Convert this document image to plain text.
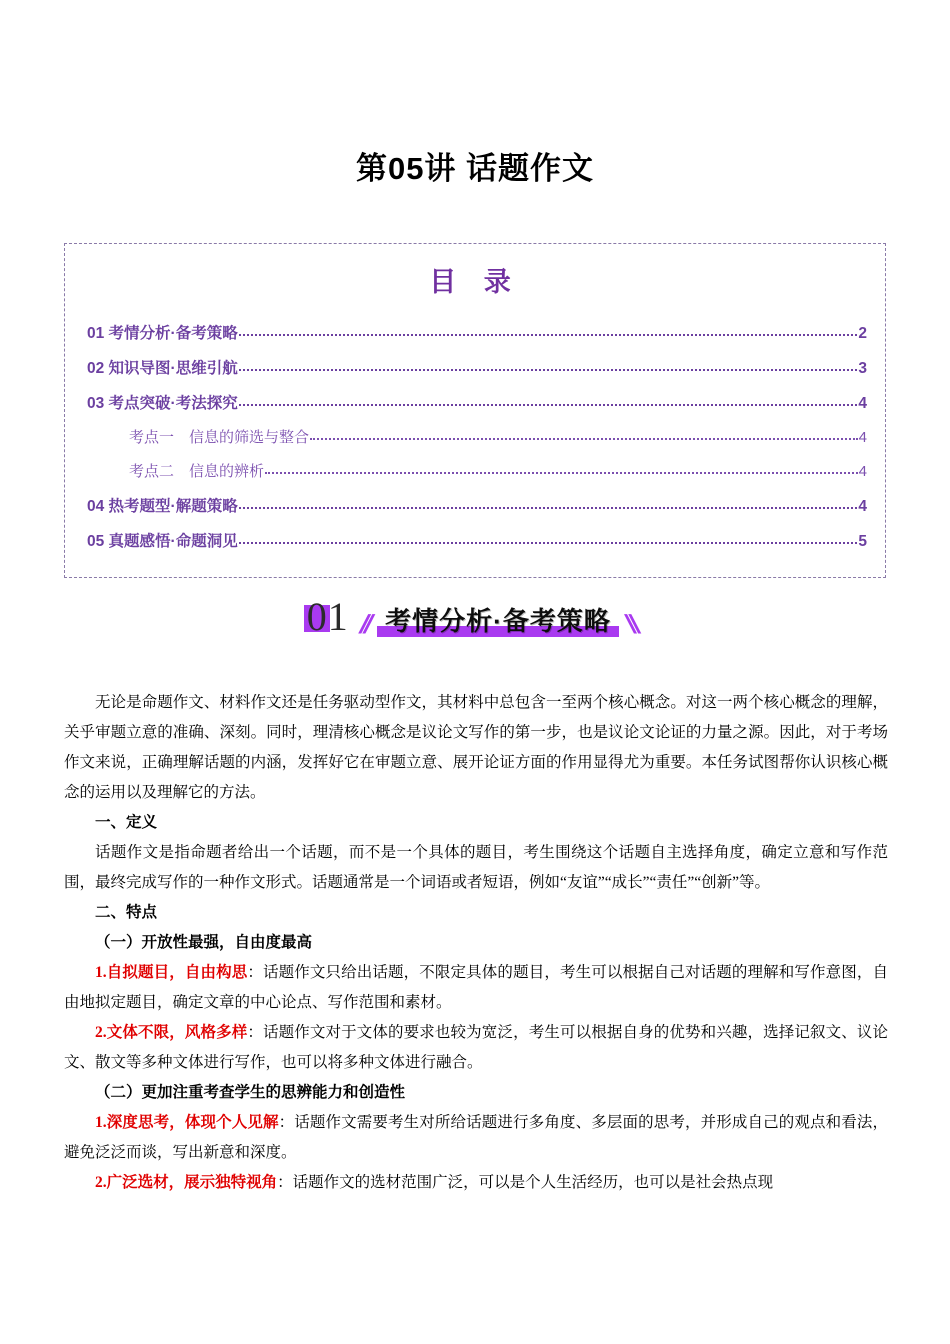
第05讲 话题作文
目 录
01 考情分析·备考策略	2
02 知识导图·思维引航	3
03 考点突破·考法探究	4
考点一　信息的筛选与整合	4
考点二　信息的辨析	4
04 热考题型·解题策略	4
05 真题感悟·命题洞见	5
01 // 考情分析·备考策略 \\

无论是命题作文、材料作文还是任务驱动型作文，其材料中总包含一至两个核心概念。对这一两个核心概念的理解，关乎审题立意的准确、深刻。同时，理清核心概念是议论文写作的第一步，也是议论文论证的力量之源。因此，对于考场作文来说，正确理解话题的内涵，发挥好它在审题立意、展开论证方面的作用显得尤为重要。本任务试图帮你认识核心概念的运用以及理解它的方法。

一、定义

话题作文是指命题者给出一个话题，而不是一个具体的题目，考生围绕这个话题自主选择角度，确定立意和写作范围，最终完成写作的一种作文形式。话题通常是一个词语或者短语，例如“友谊”“成长”“责任”“创新”等。

二、特点

（一）开放性最强，自由度最高

1.自拟题目，自由构思：话题作文只给出话题，不限定具体的题目，考生可以根据自己对话题的理解和写作意图，自由地拟定题目，确定文章的中心论点、写作范围和素材。

2.文体不限，风格多样：话题作文对于文体的要求也较为宽泛，考生可以根据自身的优势和兴趣，选择记叙文、议论文、散文等多种文体进行写作，也可以将多种文体进行融合。

（二）更加注重考查学生的思辨能力和创造性

1.深度思考，体现个人见解：话题作文需要考生对所给话题进行多角度、多层面的思考，并形成自己的观点和看法，避免泛泛而谈，写出新意和深度。

2.广泛选材，展示独特视角：话题作文的选材范围广泛，可以是个人生活经历，也可以是社会热点现
